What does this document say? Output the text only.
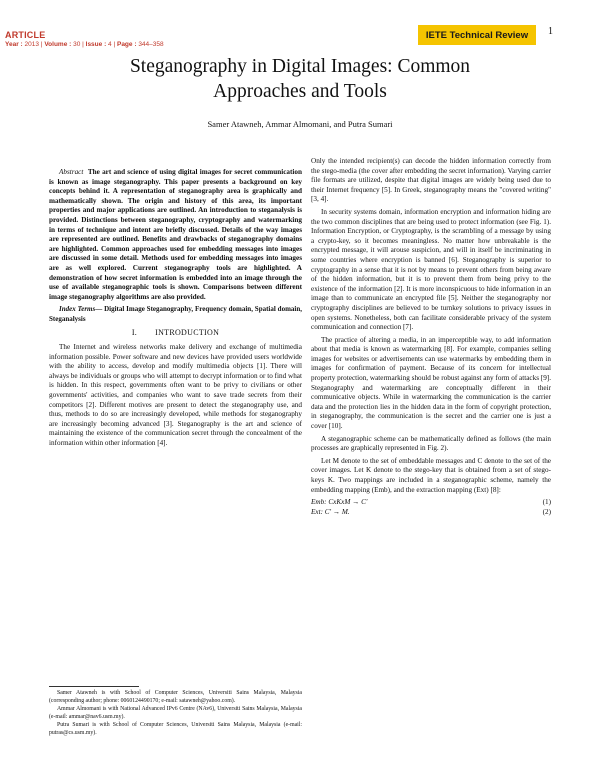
ARTICLE
Year : 2013 | Volume : 30 | Issue : 4 | Page : 344–358
IETE Technical Review	1
Steganography in Digital Images: Common
Approaches and Tools
Samer Atawneh, Ammar Almomani, and Putra Sumari

Abstract The art and science of using digital images for secret communication is known as image steganography. This paper presents a background on key concepts behind it. A representation of steganography area is graphically and mathematically shown. The origin and history of this area, its important properties and major applications are outlined. An introduction to steganalysis is provided. Distinctions between steganography, cryptography and watermarking in terms of technique and intent are briefly discussed. Details of the way images are represented are outlined. Benefits and drawbacks of steganography domains are highlighted. Common approaches used for embedding messages into images are discussed in some detail. Methods used for embedding messages into images are as well explored. Current steganography tools are highlighted. A demonstration of how secret information is embedded into an image through the use of available steganographic tools is shown. Comparisons between different image steganography algorithms are also provided.

Index Terms— Digital Image Steganography, Frequency domain, Spatial domain, Steganalysis

I. INTRODUCTION

The Internet and wireless networks make delivery and exchange of multimedia information possible. Power software and new devices have provided users worldwide with the ability to access, develop and modify multimedia objects [1]. There will always be individuals or groups who will attempt to decrypt information or to find what is hidden. In this respect, governments often want to be privy to civilians or other governments' activities, and companies who want to save trade secrets from their competitors [2]. Different motives are present to detect the steganography use, and thus, methods to do so are increasingly developed, while methods for steganography are increasingly becoming advanced [3]. Steganography is the art and science of maintaining the existence of the communication secret through the concealment of the information within other information [4].

Samer Atawneh is with School of Computer Sciences, Universiti Sains Malaysia, Malaysia (corresponding author; phone: 0060124490170; e-mail: satawneh@yahoo.com).

Ammar Almomani is with National Advanced IPv6 Centre (NAv6), Universiti Sains Malaysia, Malaysia (e-mail: ammar@nav6.usm.my).

Putra Sumari is with School of Computer Sciences, Universiti Sains Malaysia, Malaysia (e-mail: putras@cs.usm.my).

Only the intended recipient(s) can decode the hidden information correctly from the stego-media (the cover after embedding the secret information). Varying carrier file formats are utilized, despite that digital images are widely being used due to their Internet frequency [5]. In Greek, steganography means the "covered writing" [3, 4].

In security systems domain, information encryption and information hiding are the two common disciplines that are being used to protect information (see Fig. 1). Information Encryption, or Cryptography, is the scrambling of a message by using a crypto-key, so it becomes meaningless. No matter how unbreakable is the encrypted message, it will arouse suspicion, and will in itself be incriminating in some countries where encryption is banned [6]. Steganography is superior to cryptography in a sense that it is not by means to prevent others from being aware of the hidden information, but it is to prevent them from being privy to the existence of the information [2]. It is more inconspicuous to hide information in an image than to communicate an encrypted file [5]. Neither the steganography nor cryptography disciplines are believed to be turnkey solutions to privacy issues in open systems. Nonetheless, both can facilitate considerable privacy of the system communication and connection [7].

The practice of altering a media, in an imperceptible way, to add information about that media is known as watermarking [8]. For example, companies selling images for websites or advertisements can use watermarks by embedding them in images for confirmation of payment. Because of its concern for intellectual property protection, watermarking should be robust against any form of attacks [9]. Steganography and watermarking are conceptually different in their communicative objects. While in watermarking the communication is the carrier data and the protection lies in the hidden data in the form of copyright protection, in steganography, the communication is the secret and the carrier one is just a cover [10].

A steganographic scheme can be mathematically defined as follows (the main processes are graphically represented in Fig. 2).

Let M denote to the set of embeddable messages and C denote to the set of the cover images. Let K denote to the stego-key that is obtained from a set of stego-keys K. Two mappings are included in a steganographic scheme, namely the embedding mapping (Emb), and the extraction mapping (Ext) [8]:

Emb: CxKxM → C'	(1)
Ext: C' → M.	(2)
